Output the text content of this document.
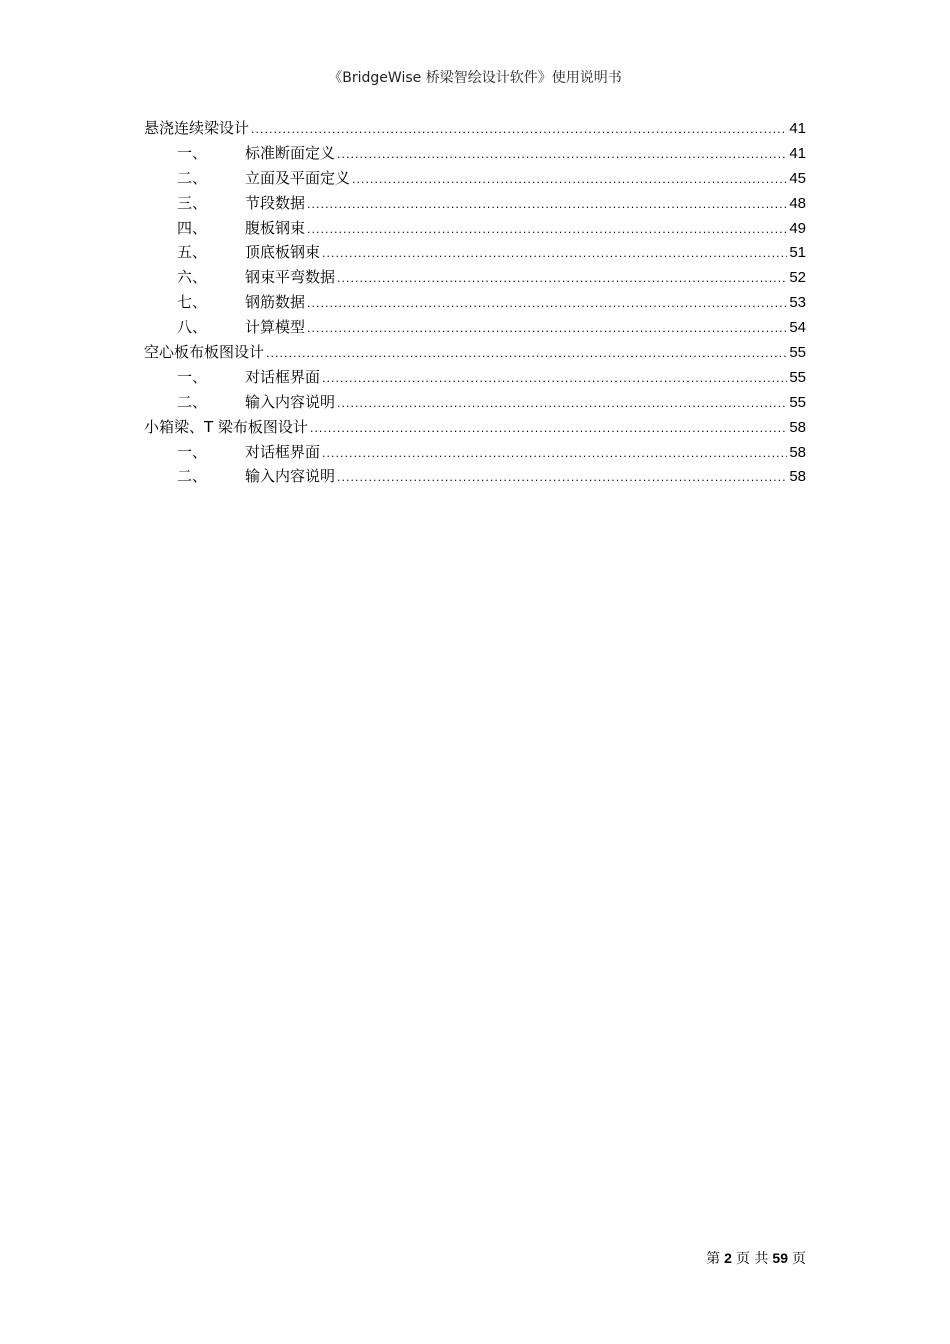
《BridgeWise 桥梁智绘设计软件》使用说明书
悬浇连续梁设计 .....	41
一、	标准断面定义 .....	41
二、	立面及平面定义 .....	45
三、	节段数据 .....	48
四、	腹板钢束 .....	49
五、	顶底板钢束 .....	51
六、	钢束平弯数据 .....	52
七、	钢筋数据 .....	53
八、	计算模型 .....	54
空心板布板图设计 .....	55
一、	对话框界面 .....	55
二、	输入内容说明 .....	55
小箱梁、T 梁布板图设计 .....	58
一、	对话框界面 .....	58
二、	输入内容说明 .....	58
第 2 页 共 59 页
